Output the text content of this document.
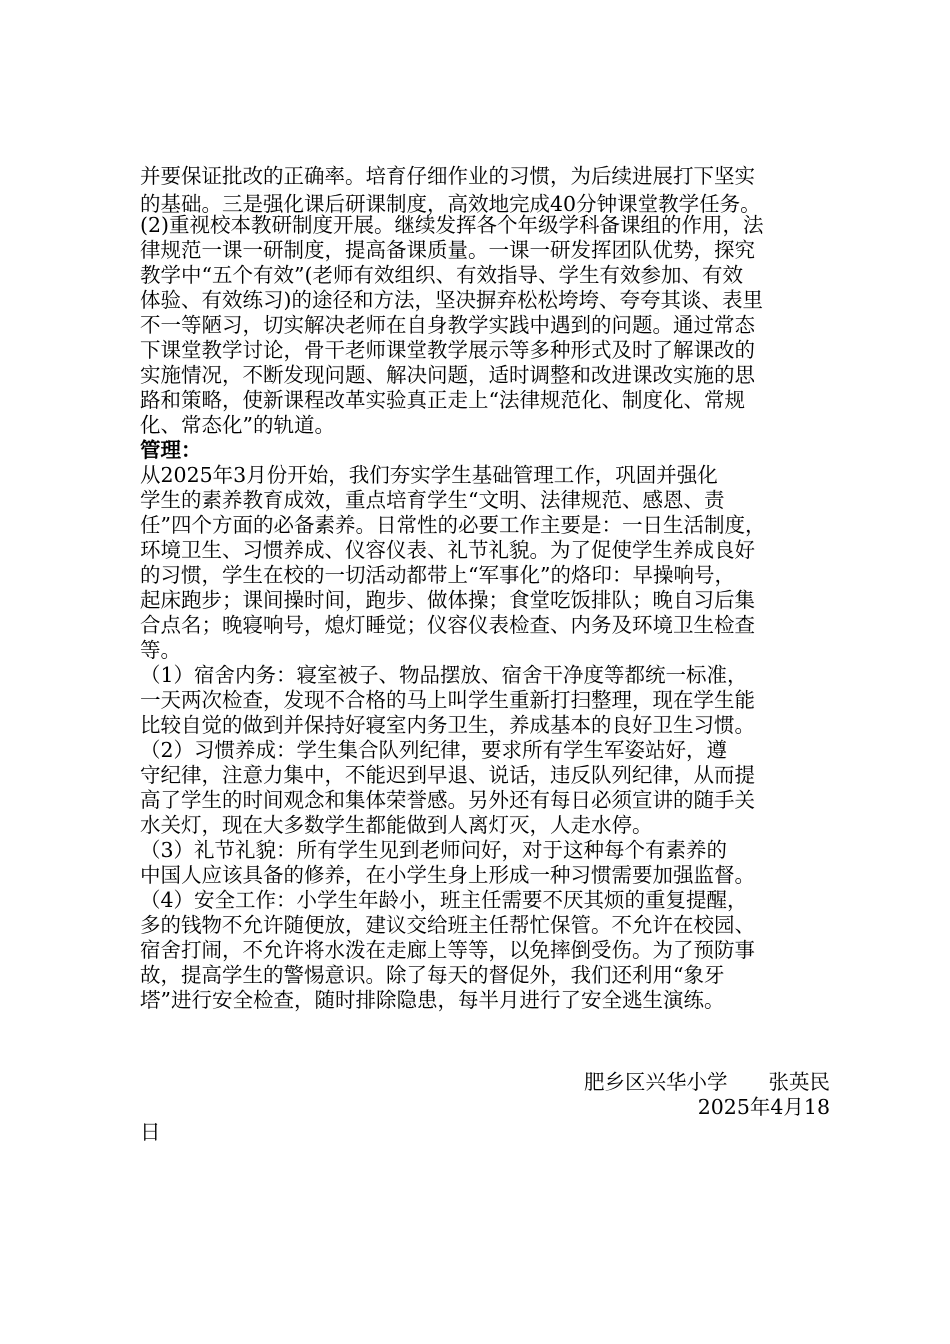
并要保证批改的正确率。培育仔细作业的习惯，为后续进展打下坚实
的基础。三是强化课后研课制度，高效地完成40分钟课堂教学任务。
(2)重视校本教研制度开展。继续发挥各个年级学科备课组的作用，法
律规范一课一研制度，提高备课质量。一课一研发挥团队优势，探究
教学中“五个有效”(老师有效组织、有效指导、学生有效参加、有效
体验、有效练习)的途径和方法，坚决摒弃松松垮垮、夸夸其谈、表里
不一等陋习，切实解决老师在自身教学实践中遇到的问题。通过常态
下课堂教学讨论，骨干老师课堂教学展示等多种形式及时了解课改的
实施情况，不断发现问题、解决问题，适时调整和改进课改实施的思
路和策略，使新课程改革实验真正走上“法律规范化、制度化、常规
化、常态化”的轨道。
管理：
从2025年3月份开始，我们夯实学生基础管理工作，巩固并强化
学生的素养教育成效，重点培育学生“文明、法律规范、感恩、责
任”四个方面的必备素养。日常性的必要工作主要是：一日生活制度，
环境卫生、习惯养成、仪容仪表、礼节礼貌。为了促使学生养成良好
的习惯，学生在校的一切活动都带上“军事化”的烙印：早操响号，
起床跑步；课间操时间，跑步、做体操；食堂吃饭排队；晚自习后集
合点名；晚寝响号，熄灯睡觉；仪容仪表检查、内务及环境卫生检查
等。
（1）宿舍内务：寝室被子、物品摆放、宿舍干净度等都统一标准，
一天两次检查，发现不合格的马上叫学生重新打扫整理，现在学生能
比较自觉的做到并保持好寝室内务卫生，养成基本的良好卫生习惯。
（2）习惯养成：学生集合队列纪律，要求所有学生军姿站好，遵
守纪律，注意力集中，不能迟到早退、说话，违反队列纪律，从而提
高了学生的时间观念和集体荣誉感。另外还有每日必须宣讲的随手关
水关灯，现在大多数学生都能做到人离灯灭，人走水停。
（3）礼节礼貌：所有学生见到老师问好，对于这种每个有素养的
中国人应该具备的修养，在小学生身上形成一种习惯需要加强监督。
（4）安全工作：小学生年龄小，班主任需要不厌其烦的重复提醒，
多的钱物不允许随便放，建议交给班主任帮忙保管。不允许在校园、
宿舍打闹，不允许将水泼在走廊上等等，以免摔倒受伤。为了预防事
故，提高学生的警惕意识。除了每天的督促外，我们还利用“象牙
塔”进行安全检查，随时排除隐患，每半月进行了安全逃生演练。
肥乡区兴华小学　　张英民
2025年4月18
日
